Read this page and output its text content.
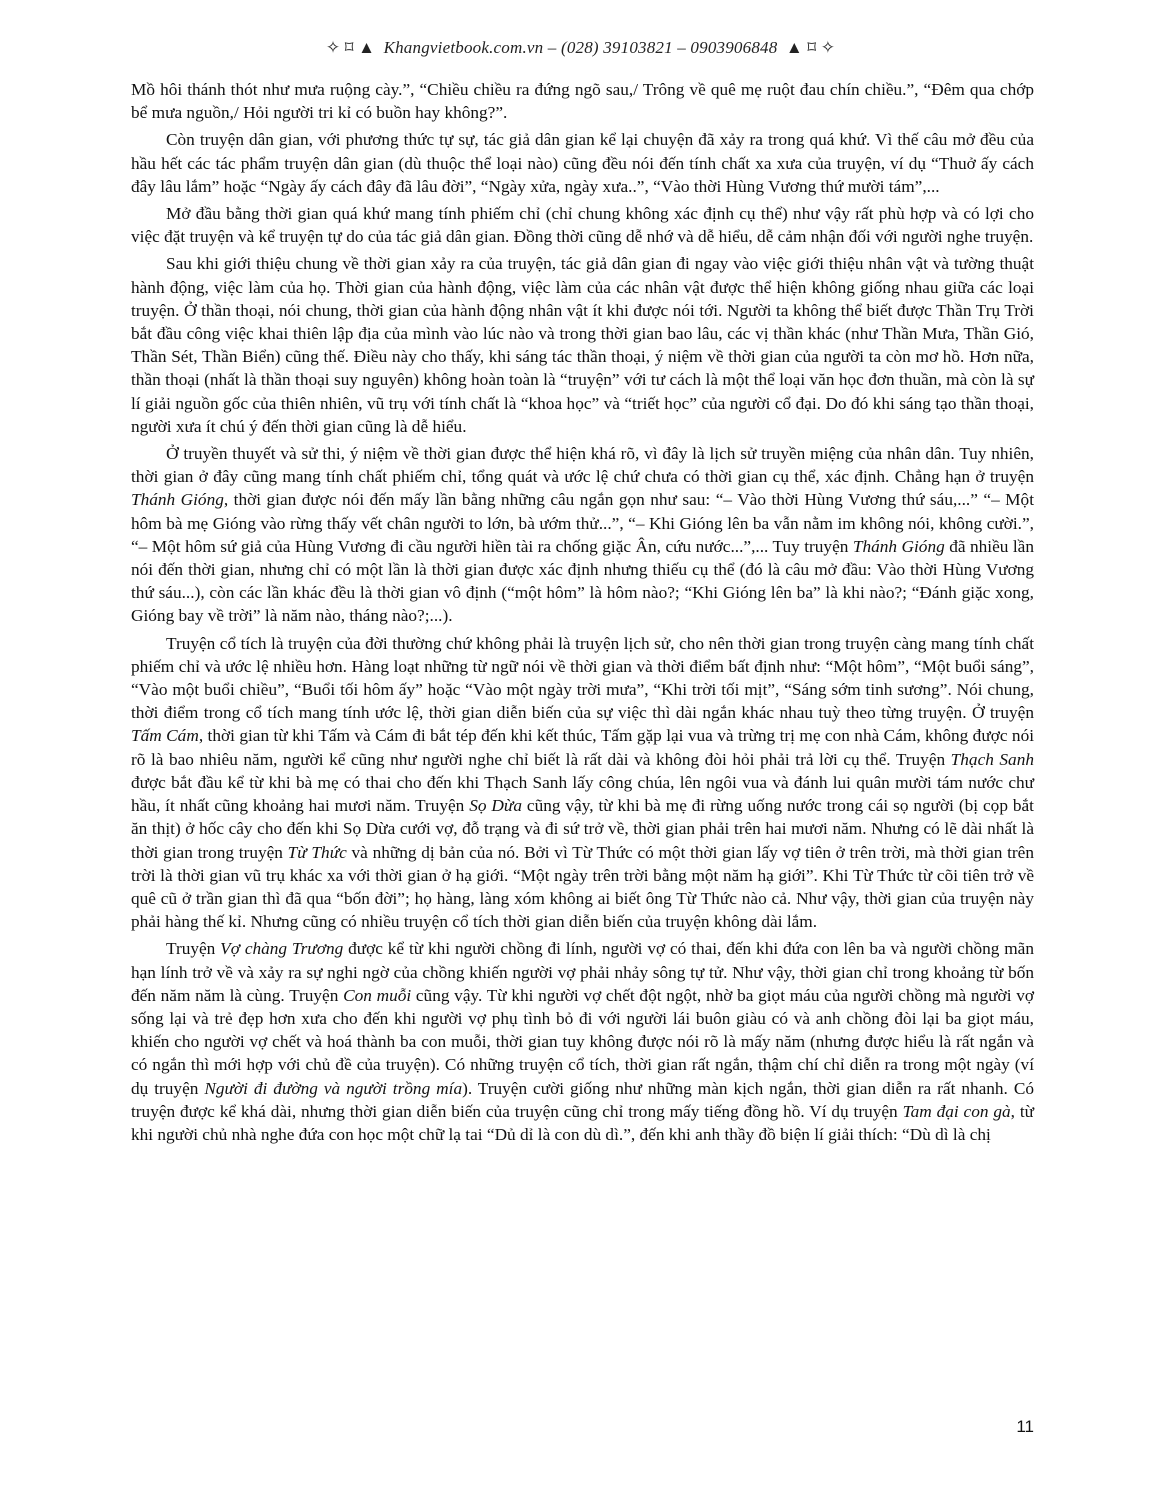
✧ ⌑ ▲ Khangvietbook.com.vn – (028) 39103821 – 0903906848 ▲ ⌑ ✧

Mồ hôi thánh thót như mưa ruộng cày.”, “Chiều chiều ra đứng ngõ sau,/ Trông về quê mẹ ruột đau chín chiều.”, “Đêm qua chớp bể mưa nguồn,/ Hỏi người tri kỉ có buồn hay không?”.

Còn truyện dân gian, với phương thức tự sự, tác giả dân gian kể lại chuyện đã xảy ra trong quá khứ. Vì thế câu mở đều của hầu hết các tác phẩm truyện dân gian (dù thuộc thể loại nào) cũng đều nói đến tính chất xa xưa của truyện, ví dụ “Thuở ấy cách đây lâu lắm” hoặc “Ngày ấy cách đây đã lâu đời”, “Ngày xửa, ngày xưa..”, “Vào thời Hùng Vương thứ mười tám”,...

Mở đầu bằng thời gian quá khứ mang tính phiếm chỉ (chỉ chung không xác định cụ thể) như vậy rất phù hợp và có lợi cho việc đặt truyện và kể truyện tự do của tác giả dân gian. Đồng thời cũng dễ nhớ và dễ hiểu, dễ cảm nhận đối với người nghe truyện.

Sau khi giới thiệu chung về thời gian xảy ra của truyện, tác giả dân gian đi ngay vào việc giới thiệu nhân vật và tường thuật hành động, việc làm của họ. Thời gian của hành động, việc làm của các nhân vật được thể hiện không giống nhau giữa các loại truyện. Ở thần thoại, nói chung, thời gian của hành động nhân vật ít khi được nói tới. Người ta không thể biết được Thần Trụ Trời bắt đầu công việc khai thiên lập địa của mình vào lúc nào và trong thời gian bao lâu, các vị thần khác (như Thần Mưa, Thần Gió, Thần Sét, Thần Biển) cũng thế. Điều này cho thấy, khi sáng tác thần thoại, ý niệm về thời gian của người ta còn mơ hồ. Hơn nữa, thần thoại (nhất là thần thoại suy nguyên) không hoàn toàn là “truyện” với tư cách là một thể loại văn học đơn thuần, mà còn là sự lí giải nguồn gốc của thiên nhiên, vũ trụ với tính chất là “khoa học” và “triết học” của người cổ đại. Do đó khi sáng tạo thần thoại, người xưa ít chú ý đến thời gian cũng là dễ hiểu.

Ở truyền thuyết và sử thi, ý niệm về thời gian được thể hiện khá rõ, vì đây là lịch sử truyền miệng của nhân dân. Tuy nhiên, thời gian ở đây cũng mang tính chất phiếm chỉ, tổng quát và ước lệ chứ chưa có thời gian cụ thể, xác định. Chẳng hạn ở truyện Thánh Gióng, thời gian được nói đến mấy lần bằng những câu ngắn gọn như sau: “– Vào thời Hùng Vương thứ sáu,...” “– Một hôm bà mẹ Gióng vào rừng thấy vết chân người to lớn, bà ướm thử...”, “– Khi Gióng lên ba vẫn nằm im không nói, không cười.”, “– Một hôm sứ giả của Hùng Vương đi cầu người hiền tài ra chống giặc Ân, cứu nước...”,... Tuy truyện Thánh Gióng đã nhiều lần nói đến thời gian, nhưng chỉ có một lần là thời gian được xác định nhưng thiếu cụ thể (đó là câu mở đầu: Vào thời Hùng Vương thứ sáu...), còn các lần khác đều là thời gian vô định (“một hôm” là hôm nào?; “Khi Gióng lên ba” là khi nào?; “Đánh giặc xong, Gióng bay về trời” là năm nào, tháng nào?;...).

Truyện cổ tích là truyện của đời thường chứ không phải là truyện lịch sử, cho nên thời gian trong truyện càng mang tính chất phiếm chỉ và ước lệ nhiều hơn. Hàng loạt những từ ngữ nói về thời gian và thời điểm bất định như: “Một hôm”, “Một buổi sáng”, “Vào một buổi chiều”, “Buổi tối hôm ấy” hoặc “Vào một ngày trời mưa”, “Khi trời tối mịt”, “Sáng sớm tinh sương”. Nói chung, thời điểm trong cổ tích mang tính ước lệ, thời gian diễn biến của sự việc thì dài ngắn khác nhau tuỳ theo từng truyện. Ở truyện Tấm Cám, thời gian từ khi Tấm và Cám đi bắt tép đến khi kết thúc, Tấm gặp lại vua và trừng trị mẹ con nhà Cám, không được nói rõ là bao nhiêu năm, người kể cũng như người nghe chỉ biết là rất dài và không đòi hỏi phải trả lời cụ thể. Truyện Thạch Sanh được bắt đầu kể từ khi bà mẹ có thai cho đến khi Thạch Sanh lấy công chúa, lên ngôi vua và đánh lui quân mười tám nước chư hầu, ít nhất cũng khoảng hai mươi năm. Truyện Sọ Dừa cũng vậy, từ khi bà mẹ đi rừng uống nước trong cái sọ người (bị cọp bắt ăn thịt) ở hốc cây cho đến khi Sọ Dừa cưới vợ, đỗ trạng và đi sứ trở về, thời gian phải trên hai mươi năm. Nhưng có lẽ dài nhất là thời gian trong truyện Từ Thức và những dị bản của nó. Bởi vì Từ Thức có một thời gian lấy vợ tiên ở trên trời, mà thời gian trên trời là thời gian vũ trụ khác xa với thời gian ở hạ giới. “Một ngày trên trời bằng một năm hạ giới”. Khi Từ Thức từ cõi tiên trở về quê cũ ở trần gian thì đã qua “bốn đời”; họ hàng, làng xóm không ai biết ông Từ Thức nào cả. Như vậy, thời gian của truyện này phải hàng thế kỉ. Nhưng cũng có nhiều truyện cổ tích thời gian diễn biến của truyện không dài lắm.

Truyện Vợ chàng Trương được kể từ khi người chồng đi lính, người vợ có thai, đến khi đứa con lên ba và người chồng mãn hạn lính trở về và xảy ra sự nghi ngờ của chồng khiến người vợ phải nhảy sông tự tử. Như vậy, thời gian chỉ trong khoảng từ bốn đến năm năm là cùng. Truyện Con muỗi cũng vậy. Từ khi người vợ chết đột ngột, nhờ ba giọt máu của người chồng mà người vợ sống lại và trẻ đẹp hơn xưa cho đến khi người vợ phụ tình bỏ đi với người lái buôn giàu có và anh chồng đòi lại ba giọt máu, khiến cho người vợ chết và hoá thành ba con muỗi, thời gian tuy không được nói rõ là mấy năm (nhưng được hiểu là rất ngắn và có ngắn thì mới hợp với chủ đề của truyện). Có những truyện cổ tích, thời gian rất ngắn, thậm chí chỉ diễn ra trong một ngày (ví dụ truyện Người đi đường và người trồng mía). Truyện cười giống như những màn kịch ngắn, thời gian diễn ra rất nhanh. Có truyện được kể khá dài, nhưng thời gian diễn biến của truyện cũng chỉ trong mấy tiếng đồng hồ. Ví dụ truyện Tam đại con gà, từ khi người chủ nhà nghe đứa con học một chữ lạ tai “Dủ dỉ là con dù dì.”, đến khi anh thầy đồ biện lí giải thích: “Dù dì là chị

11
